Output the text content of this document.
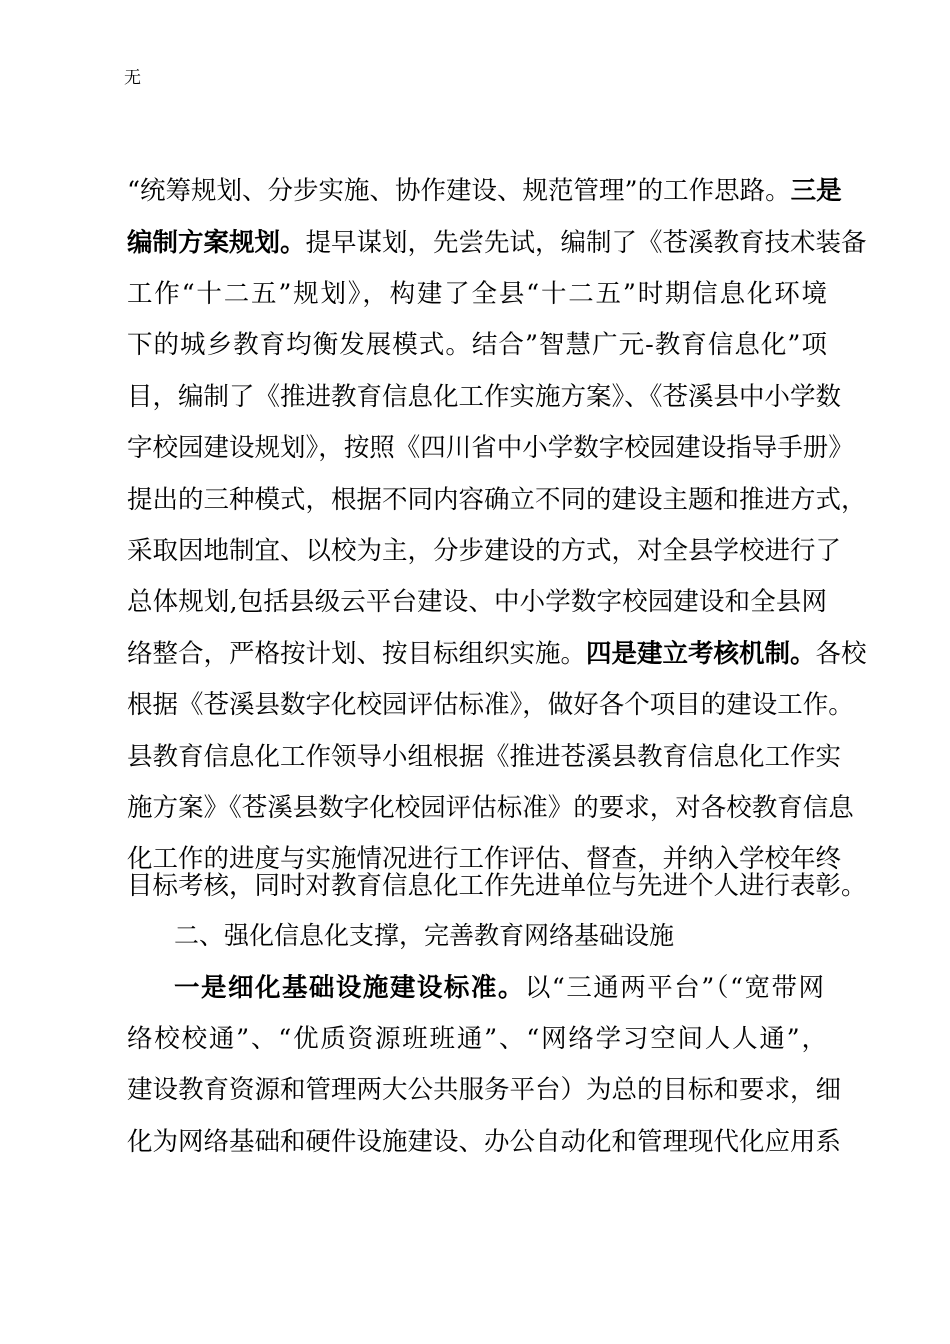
无
“统筹规划、分步实施、协作建设、规范管理”的工作思路。三是
编制方案规划。提早谋划，先尝先试，编制了《苍溪教育技术装备
工作“十二五”规划》，构建了全县“十二五”时期信息化环境
下的城乡教育均衡发展模式。结合”智慧广元-教育信息化”项
目，编制了《推进教育信息化工作实施方案》、《苍溪县中小学数
字校园建设规划》，按照《四川省中小学数字校园建设指导手册》
提出的三种模式，根据不同内容确立不同的建设主题和推进方式，
采取因地制宜、以校为主，分步建设的方式，对全县学校进行了
总体规划,包括县级云平台建设、中小学数字校园建设和全县网
络整合，严格按计划、按目标组织实施。四是建立考核机制。各校
根据《苍溪县数字化校园评估标准》，做好各个项目的建设工作。
县教育信息化工作领导小组根据《推进苍溪县教育信息化工作实
施方案》《苍溪县数字化校园评估标准》的要求，对各校教育信息
化工作的进度与实施情况进行工作评估、督查，并纳入学校年终
目标考核，同时对教育信息化工作先进单位与先进个人进行表彰。
二、强化信息化支撑，完善教育网络基础设施
一是细化基础设施建设标准。以“三通两平台”（“宽带网
络校校通”、“优质资源班班通”、“网络学习空间人人通”，
建设教育资源和管理两大公共服务平台）为总的目标和要求，细
化为网络基础和硬件设施建设、办公自动化和管理现代化应用系
